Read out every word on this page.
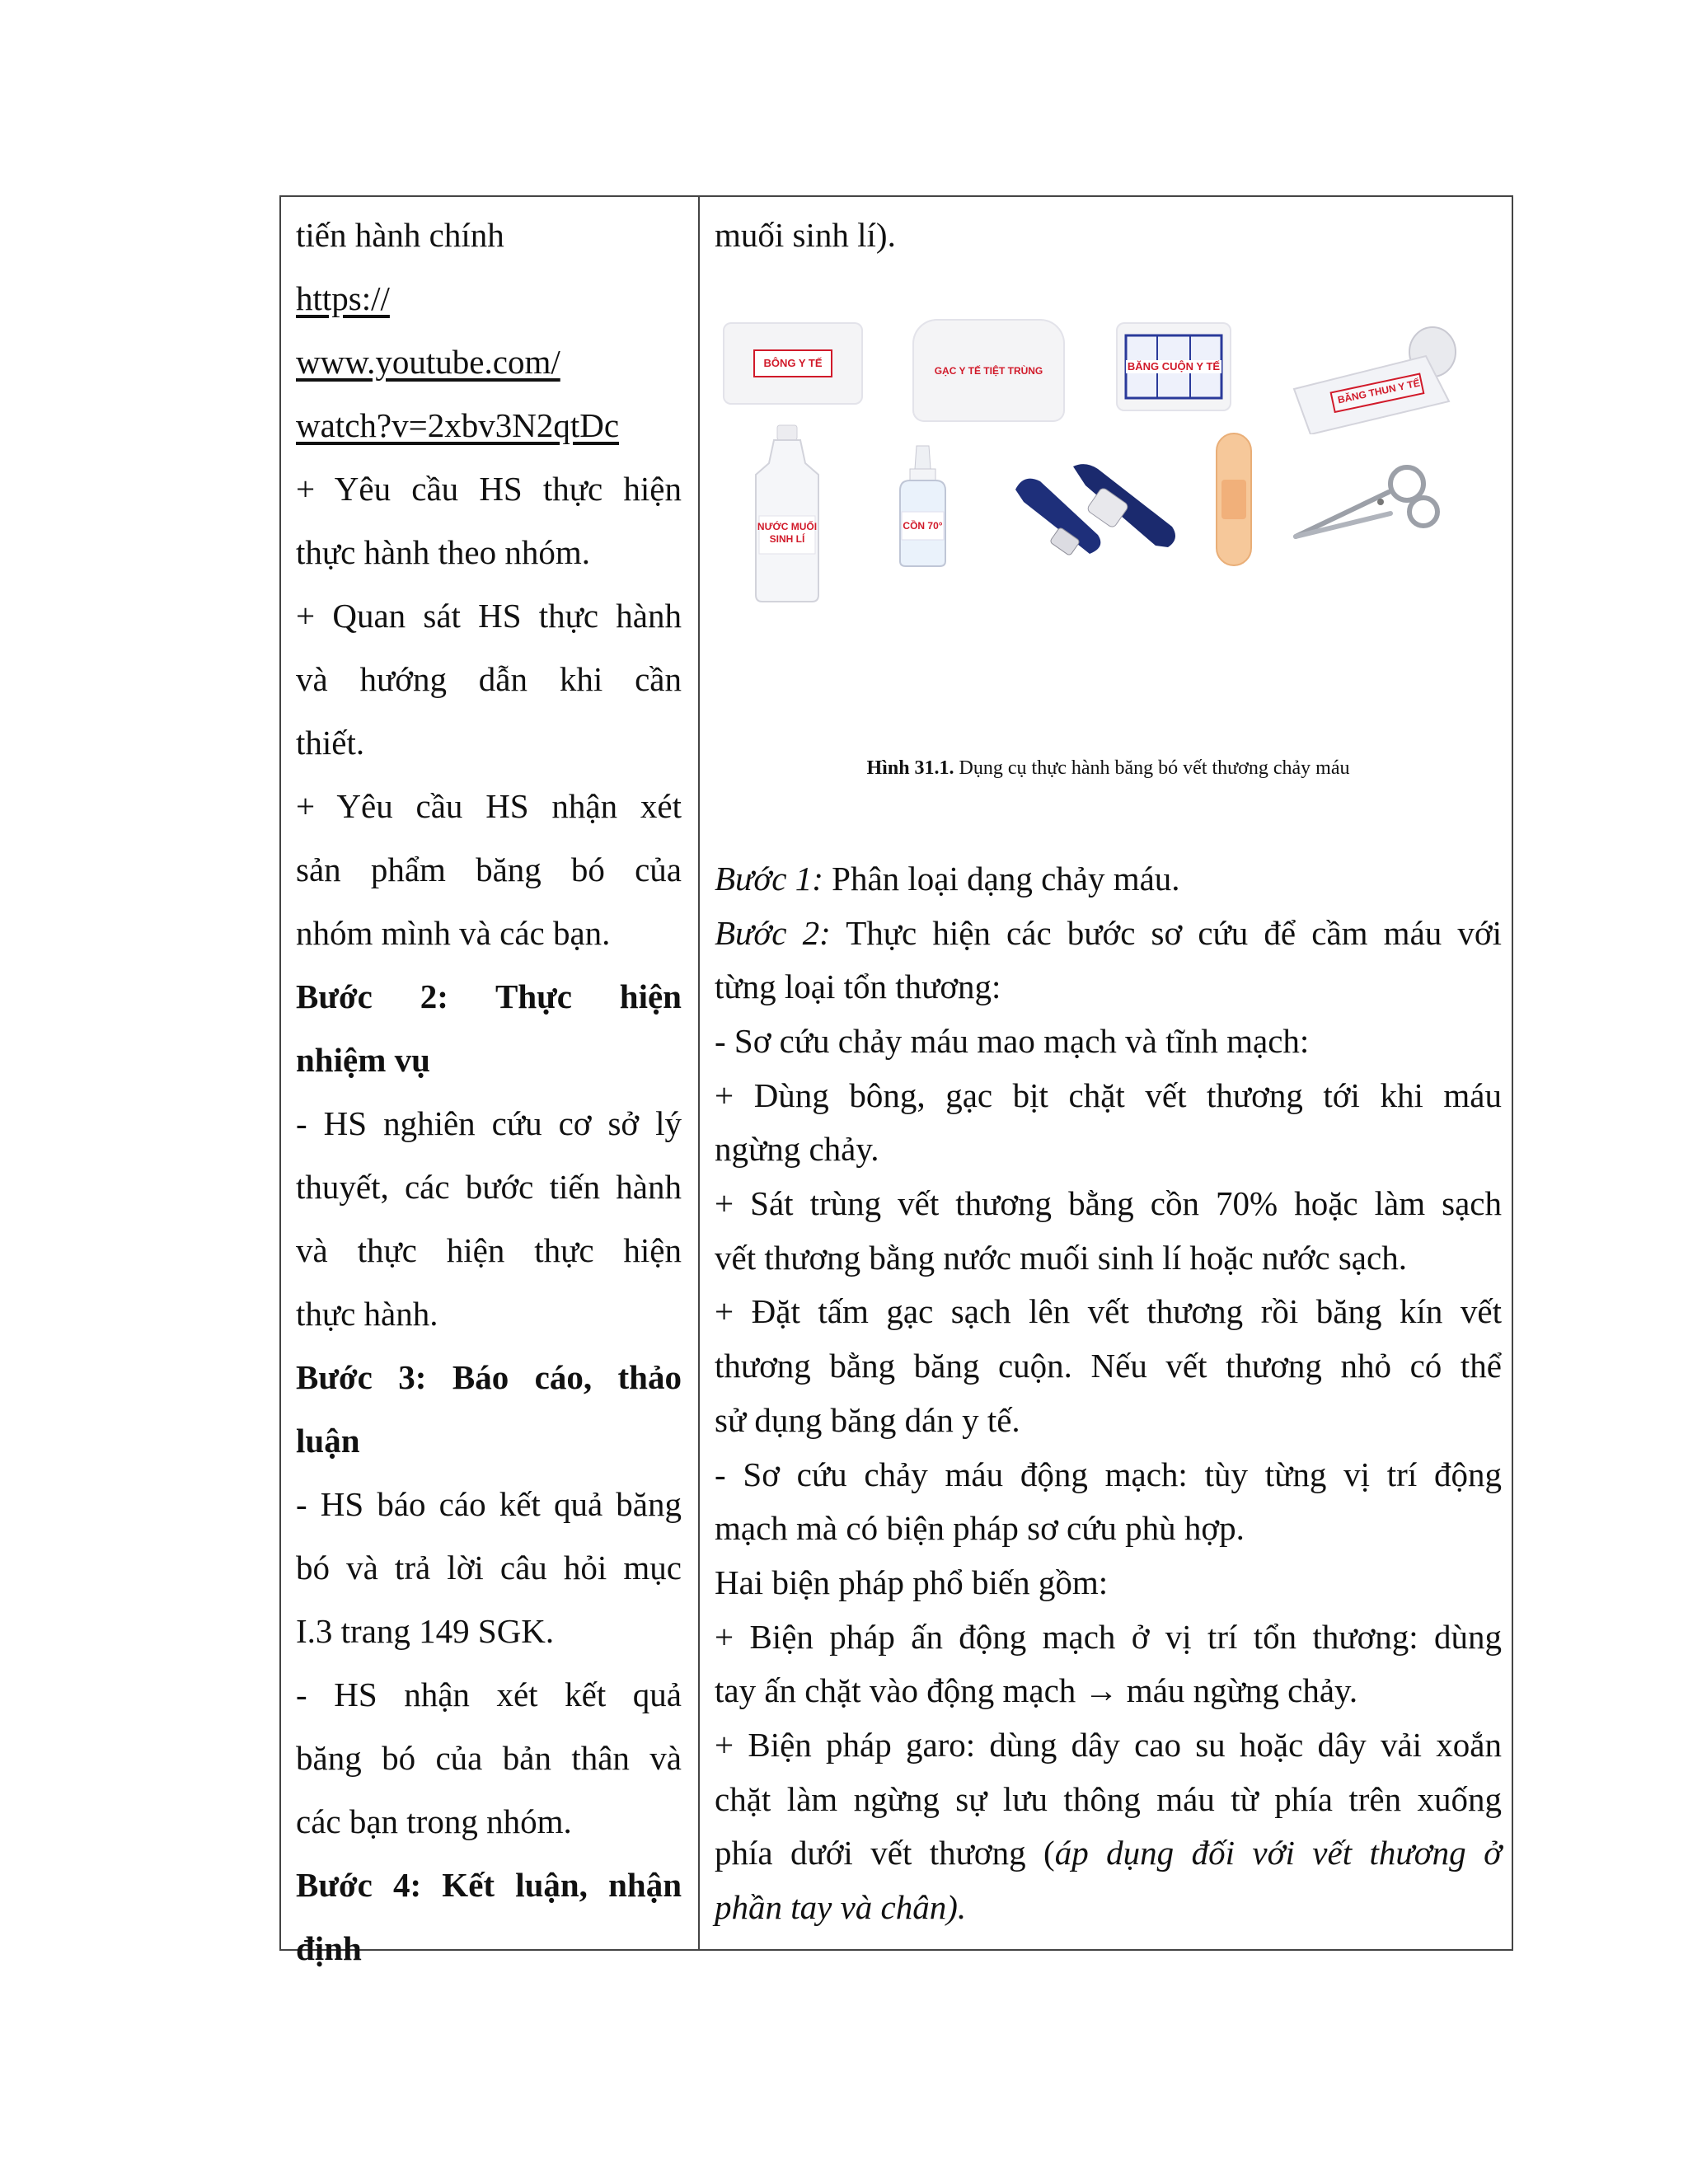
tiến hành chính
https://
www.youtube.com/
watch?v=2xbv3N2qtDc
+ Yêu cầu HS thực hiện
thực hành theo nhóm.
+ Quan sát HS thực hành
và hướng dẫn khi cần
thiết.
+ Yêu cầu HS nhận xét
sản phẩm băng bó của
nhóm mình và các bạn.
Bước 2: Thực hiện
nhiệm vụ
- HS nghiên cứu cơ sở lý
thuyết, các bước tiến hành
và thực hiện thực hiện
thực hành.
Bước 3: Báo cáo, thảo
luận
- HS báo cáo kết quả băng
bó và trả lời câu hỏi mục
I.3 trang 149 SGK.
- HS nhận xét kết quả
băng bó của bản thân và
các bạn trong nhóm.
Bước 4: Kết luận, nhận
định
muối sinh lí).
BÔNG Y TẾ
GẠC Y TẾ TIỆT TRÙNG	BĂNG CUỘN Y TẾ
BĂNG THUN Y TẾ
NƯỚC MUỐI
SINH LÍ
CỒN 70°
Hình 31.1. Dụng cụ thực hành băng bó vết thương chảy máu
Bước 1: Phân loại dạng chảy máu.
Bước 2: Thực hiện các bước sơ cứu để cầm máu với
từng loại tổn thương:
- Sơ cứu chảy máu mao mạch và tĩnh mạch:
+ Dùng bông, gạc bịt chặt vết thương tới khi máu
ngừng chảy.
+ Sát trùng vết thương bằng cồn 70% hoặc làm sạch
vết thương bằng nước muối sinh lí hoặc nước sạch.
+ Đặt tấm gạc sạch lên vết thương rồi băng kín vết
thương bằng băng cuộn. Nếu vết thương nhỏ có thể
sử dụng băng dán y tế.
- Sơ cứu chảy máu động mạch: tùy từng vị trí động
mạch mà có biện pháp sơ cứu phù hợp.
Hai biện pháp phổ biến gồm:
+ Biện pháp ấn động mạch ở vị trí tổn thương: dùng
tay ấn chặt vào động mạch → máu ngừng chảy.
+ Biện pháp garo: dùng dây cao su hoặc dây vải xoắn
chặt làm ngừng sự lưu thông máu từ phía trên xuống
phía dưới vết thương (áp dụng đối với vết thương ở
phần tay và chân).
